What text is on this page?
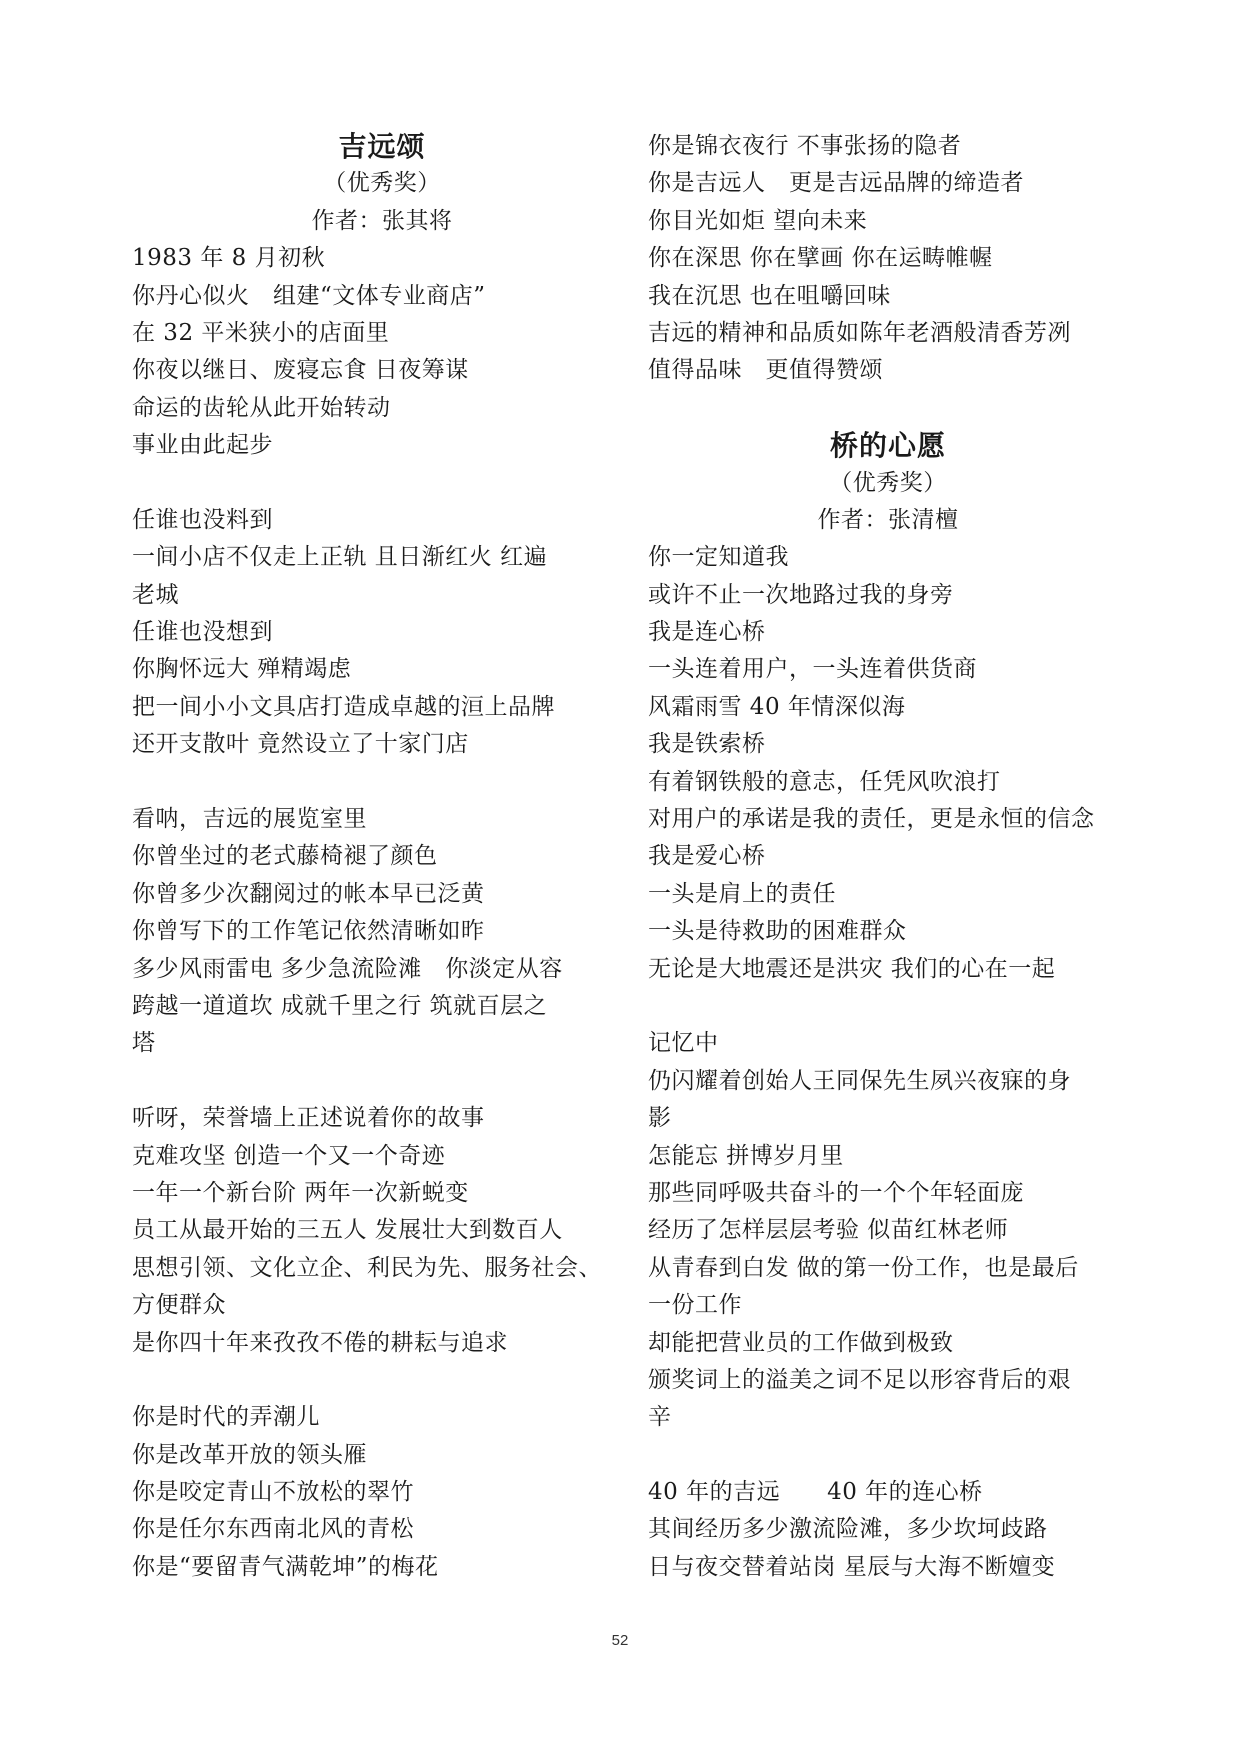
吉远颂
（优秀奖）
作者：张其将
1983 年 8 月初秋
你丹心似火　组建“文体专业商店”
在 32 平米狭小的店面里
你夜以继日、废寝忘食 日夜筹谋
命运的齿轮从此开始转动
事业由此起步
任谁也没料到
一间小店不仅走上正轨 且日渐红火 红遍
老城
任谁也没想到
你胸怀远大 殚精竭虑
把一间小小文具店打造成卓越的洹上品牌
还开支散叶 竟然设立了十家门店
看呐，吉远的展览室里
你曾坐过的老式藤椅褪了颜色
你曾多少次翻阅过的帐本早已泛黄
你曾写下的工作笔记依然清晰如昨
多少风雨雷电 多少急流险滩　你淡定从容
跨越一道道坎 成就千里之行 筑就百层之
塔
听呀，荣誉墙上正述说着你的故事
克难攻坚 创造一个又一个奇迹
一年一个新台阶 两年一次新蜕变
员工从最开始的三五人 发展壮大到数百人
思想引领、文化立企、利民为先、服务社会、
方便群众
是你四十年来孜孜不倦的耕耘与追求
你是时代的弄潮儿
你是改革开放的领头雁
你是咬定青山不放松的翠竹
你是任尔东西南北风的青松
你是“要留青气满乾坤”的梅花
你是锦衣夜行 不事张扬的隐者
你是吉远人　更是吉远品牌的缔造者
你目光如炬 望向未来
你在深思 你在擘画 你在运畴帷幄
我在沉思 也在咀嚼回味
吉远的精神和品质如陈年老酒般清香芳冽
值得品味　更值得赞颂
桥的心愿
（优秀奖）
作者：张清檀
你一定知道我
或许不止一次地路过我的身旁
我是连心桥
一头连着用户，一头连着供货商
风霜雨雪 40 年情深似海
我是铁索桥
有着钢铁般的意志，任凭风吹浪打
对用户的承诺是我的责任，更是永恒的信念
我是爱心桥
一头是肩上的责任
一头是待救助的困难群众
无论是大地震还是洪灾 我们的心在一起
记忆中
仍闪耀着创始人王同保先生夙兴夜寐的身
影
怎能忘 拼博岁月里
那些同呼吸共奋斗的一个个年轻面庞
经历了怎样层层考验 似苗红林老师
从青春到白发 做的第一份工作，也是最后
一份工作
却能把营业员的工作做到极致
颁奖词上的溢美之词不足以形容背后的艰
辛
40 年的吉远　　40 年的连心桥
其间经历多少激流险滩，多少坎坷歧路
日与夜交替着站岗 星辰与大海不断嬗变
52
